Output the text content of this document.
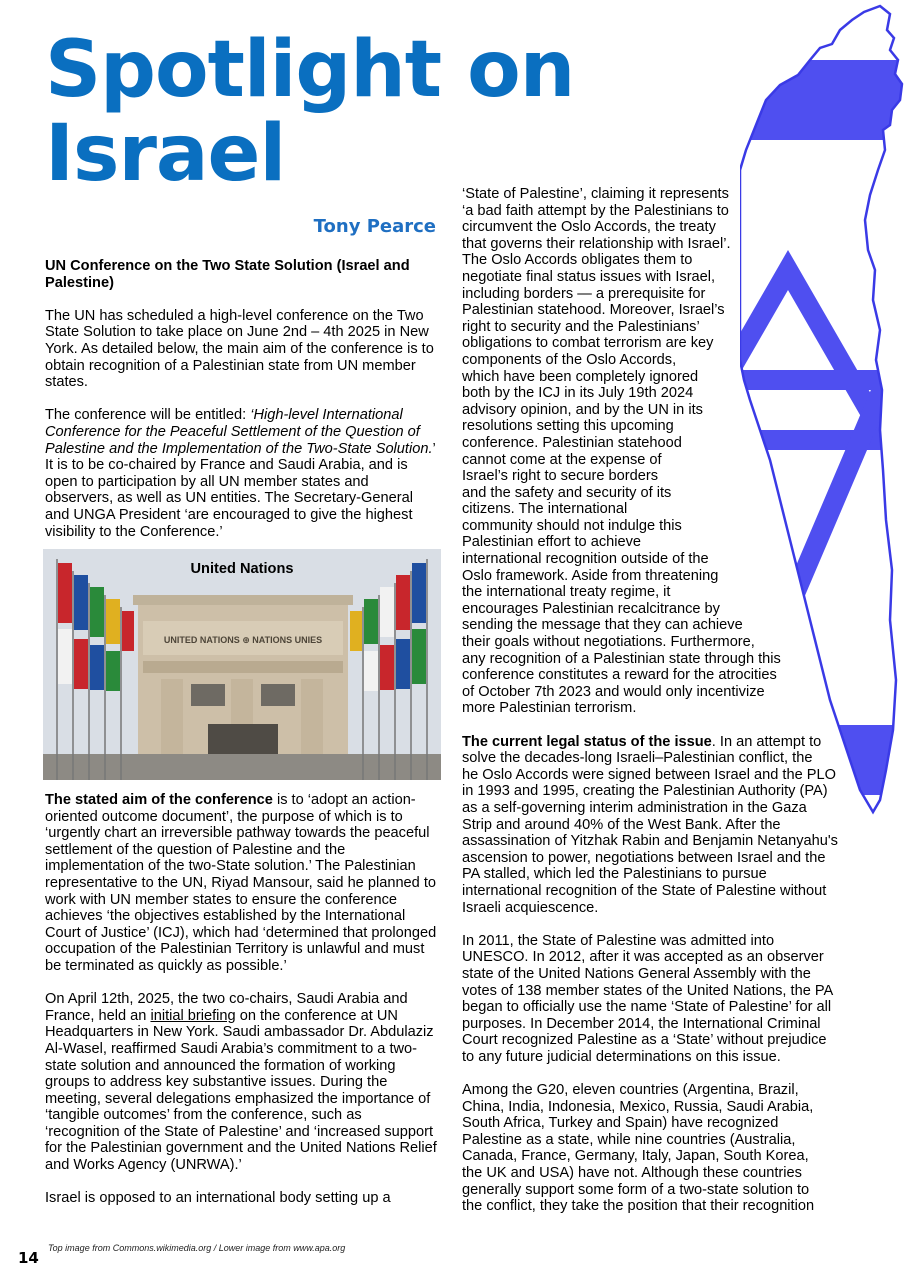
Spotlight on
Israel
Tony Pearce

UN Conference on the Two State Solution (Israel and Palestine)

The UN has scheduled a high-level conference on the Two State Solution to take place on June 2nd – 4th 2025 in New York. As detailed below, the main aim of the conference is to obtain recognition of a Palestinian state from UN member states.

The conference will be entitled: ‘High-level International Conference for the Peaceful Settlement of the Question of Palestine and the Implementation of the Two-State Solution.’ It is to be co-chaired by France and Saudi Arabia, and is open to participation by all UN member states and observers, as well as UN entities. The Secretary-General and UNGA President ‘are encouraged to give the highest visibility to the Conference.’

United Nations
UNITED NATIONS ⊕ NATIONS UNIES

The stated aim of the conference is to ‘adopt an action-oriented outcome document’, the purpose of which is to ‘urgently chart an irreversible pathway towards the peaceful settlement of the question of Palestine and the implementation of the two-State solution.’ The Palestinian representative to the UN, Riyad Mansour, said he planned to work with UN member states to ensure the conference achieves ‘the objectives established by the International Court of Justice’ (ICJ), which had ‘determined that prolonged occupation of the Palestinian Territory is unlawful and must be terminated as quickly as possible.’

On April 12th, 2025, the two co-chairs, Saudi Arabia and France, held an initial briefing on the conference at UN Headquarters in New York. Saudi ambassador Dr. Abdulaziz Al-Wasel, reaffirmed Saudi Arabia’s commitment to a two-state solution and announced the formation of working groups to address key substantive issues. During the meeting, several delegations emphasized the importance of ‘tangible outcomes’ from the conference, such as ‘recognition of the State of Palestine’ and ‘increased support for the Palestinian government and the United Nations Relief and Works Agency (UNRWA).’

Israel is opposed to an international body setting up a

‘State of Palestine’, claiming it represents
‘a bad faith attempt by the Palestinians to
circumvent the Oslo Accords, the treaty
that governs their relationship with Israel’.
The Oslo Accords obligates them to
negotiate final status issues with Israel,
including borders — a prerequisite for
Palestinian statehood. Moreover, Israel’s
right to security and the Palestinians’
obligations to combat terrorism are key
components of the Oslo Accords,
which have been completely ignored
both by the ICJ in its July 19th 2024
advisory opinion, and by the UN in its
resolutions setting this upcoming
conference. Palestinian statehood
cannot come at the expense of
Israel’s right to secure borders
and the safety and security of its
citizens. The international
community should not indulge this
Palestinian effort to achieve
international recognition outside of the
Oslo framework. Aside from threatening
the international treaty regime, it
encourages Palestinian recalcitrance by
sending the message that they can achieve
their goals without negotiations. Furthermore,
any recognition of a Palestinian state through this
conference constitutes a reward for the atrocities
of October 7th 2023 and would only incentivize
more Palestinian terrorism.

The current legal status of the issue. In an attempt to
solve the decades-long Israeli–Palestinian conflict, the
he Oslo Accords were signed between Israel and the PLO
in 1993 and 1995, creating the Palestinian Authority (PA)
as a self-governing interim administration in the Gaza
Strip and around 40% of the West Bank. After the
assassination of Yitzhak Rabin and Benjamin Netanyahu's
ascension to power, negotiations between Israel and the
PA stalled, which led the Palestinians to pursue
international recognition of the State of Palestine without
Israeli acquiescence.

In 2011, the State of Palestine was admitted into
UNESCO. In 2012, after it was accepted as an observer
state of the United Nations General Assembly with the
votes of 138 member states of the United Nations, the PA
began to officially use the name ‘State of Palestine’ for all
purposes. In December 2014, the International Criminal
Court recognized Palestine as a ‘State’ without prejudice
to any future judicial determinations on this issue.

Among the G20, eleven countries (Argentina, Brazil,
China, India, Indonesia, Mexico, Russia, Saudi Arabia,
South Africa, Turkey and Spain) have recognized
Palestine as a state, while nine countries (Australia,
Canada, France, Germany, Italy, Japan, South Korea,
the UK and USA) have not. Although these countries
generally support some form of a two-state solution to
the conflict, they take the position that their recognition

Top image from Commons.wikimedia.org / Lower image from www.apa.org
14
